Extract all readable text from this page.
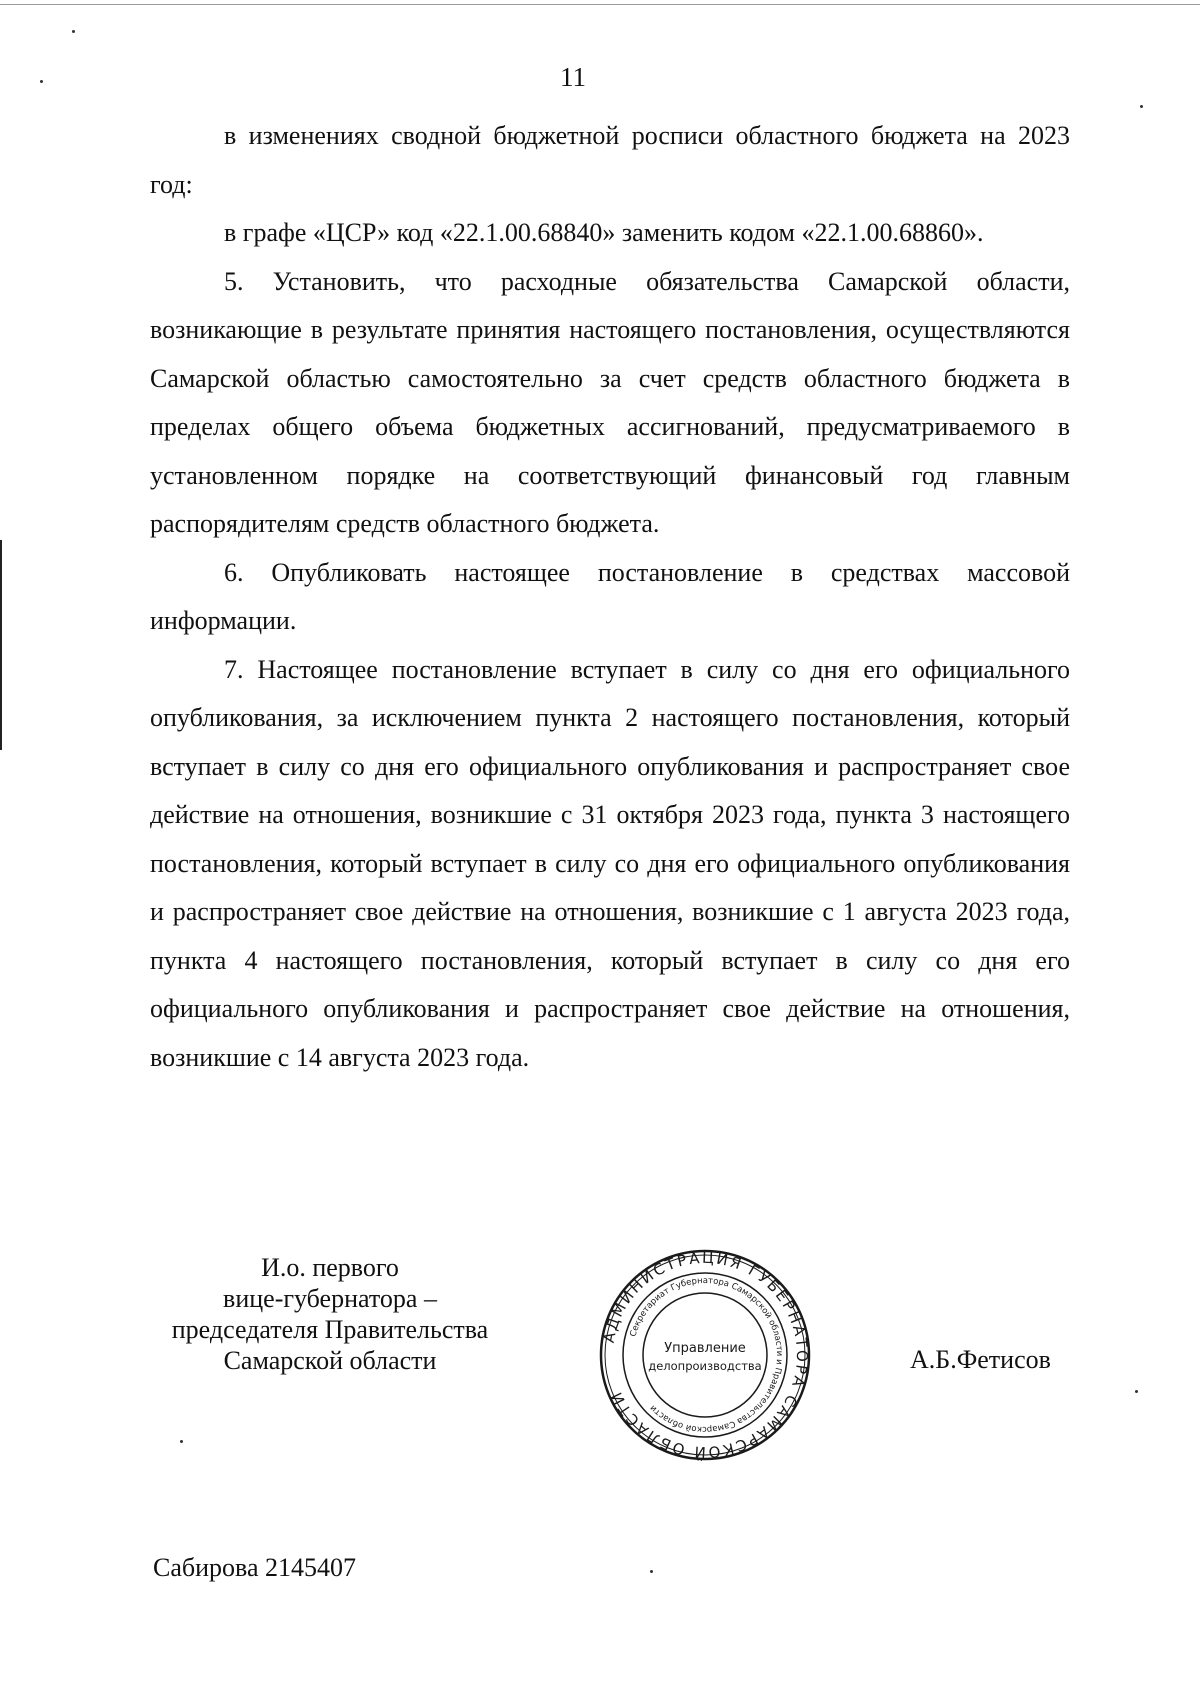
11

в изменениях сводной бюджетной росписи областного бюджета на 2023 год:

в графе «ЦСР» код «22.1.00.68840» заменить кодом «22.1.00.68860».

5. Установить, что расходные обязательства Самарской области, возникающие в результате принятия настоящего постановления, осуществляются Самарской областью самостоятельно за счет средств областного бюджета в пределах общего объема бюджетных ассигнований, предусматриваемого в установленном порядке на соответствующий финансовый год главным распорядителям средств областного бюджета.

6. Опубликовать настоящее постановление в средствах массовой информации.

7. Настоящее постановление вступает в силу со дня его официального опубликования, за исключением пункта 2 настоящего постановления, который вступает в силу со дня его официального опубликования и распространяет свое действие на отношения, возникшие с 31 октября 2023 года, пункта 3 настоящего постановления, который вступает в силу со дня его официального опубликования и распространяет свое действие на отношения, возникшие с 1 августа 2023 года, пункта 4 настоящего постановления, который вступает в силу со дня его официального опубликования и распространяет свое действие на отношения, возникшие с 14 августа 2023 года.

И.о. первого
вице-губернатора –
председателя Правительства
Самарской области
АДМИНИСТРАЦИЯ ГУБЕРНАТОРА САМАРСКОЙ ОБЛАСТИ
Секретариат Губернатора Самарской области и Правительства Самарской области
Управление
делопроизводства	А.Б.Фетисов
Сабирова 2145407
